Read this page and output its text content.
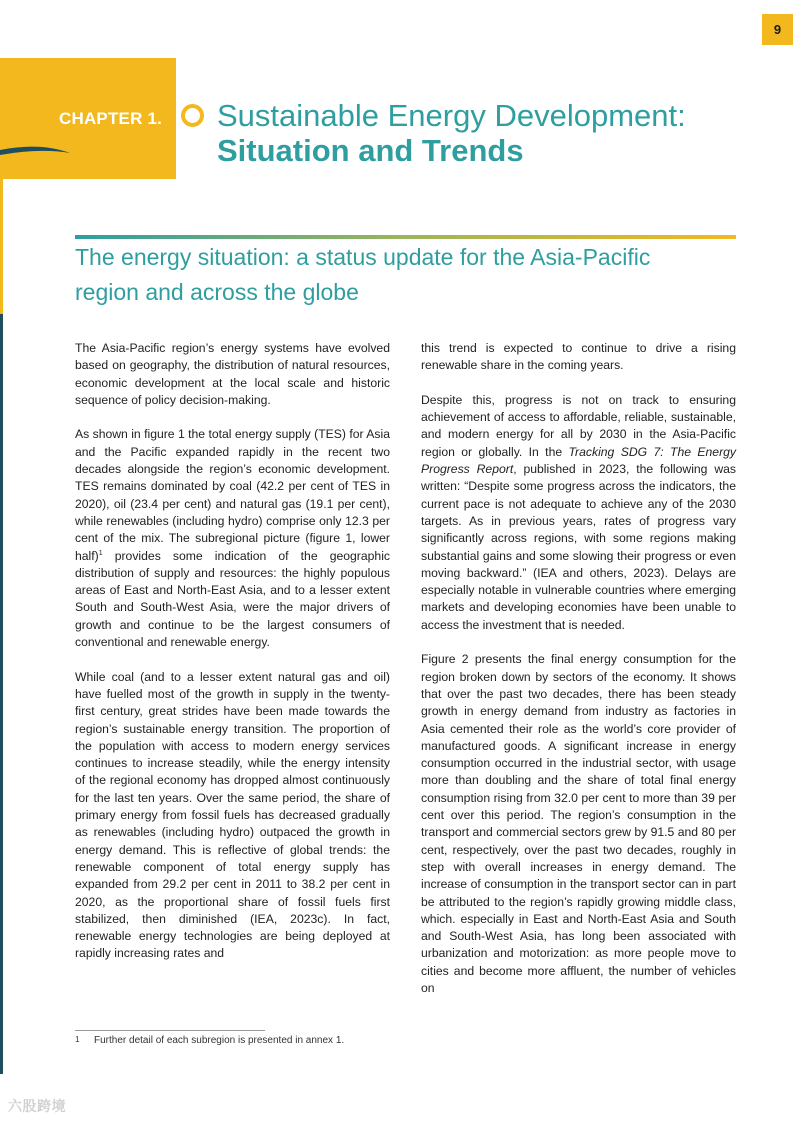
9
CHAPTER 1. Sustainable Energy Development:
Situation and Trends
The energy situation: a status update for the Asia-Pacific region and across the globe

The Asia-Pacific region’s energy systems have evolved based on geography, the distribution of natural resources, economic development at the local scale and historic sequence of policy decision-making.

As shown in figure 1 the total energy supply (TES) for Asia and the Pacific expanded rapidly in the recent two decades alongside the region’s economic development. TES remains dominated by coal (42.2 per cent of TES in 2020), oil (23.4 per cent) and natural gas (19.1 per cent), while renewables (including hydro) comprise only 12.3 per cent of the mix. The subregional picture (figure 1, lower half)$^1$ provides some indication of the geographic distribution of supply and resources: the highly populous areas of East and North-East Asia, and to a lesser extent South and South-West Asia, were the major drivers of growth and continue to be the largest consumers of conventional and renewable energy.

While coal (and to a lesser extent natural gas and oil) have fuelled most of the growth in supply in the twenty-first century, great strides have been made towards the region’s sustainable energy transition. The proportion of the population with access to modern energy services continues to increase steadily, while the energy intensity of the regional economy has dropped almost continuously for the last ten years. Over the same period, the share of primary energy from fossil fuels has decreased gradually as renewables (including hydro) outpaced the growth in energy demand. This is reflective of global trends: the renewable component of total energy supply has expanded from 29.2 per cent in 2011 to 38.2 per cent in 2020, as the proportional share of fossil fuels first stabilized, then diminished (IEA, 2023c). In fact, renewable energy technologies are being deployed at rapidly increasing rates and

this trend is expected to continue to drive a rising renewable share in the coming years.

Despite this, progress is not on track to ensuring achievement of access to affordable, reliable, sustainable, and modern energy for all by 2030 in the Asia-Pacific region or globally. In the Tracking SDG 7: The Energy Progress Report, published in 2023, the following was written: “Despite some progress across the indicators, the current pace is not adequate to achieve any of the 2030 targets. As in previous years, rates of progress vary significantly across regions, with some regions making substantial gains and some slowing their progress or even moving backward.” (IEA and others, 2023). Delays are especially notable in vulnerable countries where emerging markets and developing economies have been unable to access the investment that is needed.

Figure 2 presents the final energy consumption for the region broken down by sectors of the economy. It shows that over the past two decades, there has been steady growth in energy demand from industry as factories in Asia cemented their role as the world’s core provider of manufactured goods. A significant increase in energy consumption occurred in the industrial sector, with usage more than doubling and the share of total final energy consumption rising from 32.0 per cent to more than 39 per cent over this period. The region’s consumption in the transport and commercial sectors grew by 91.5 and 80 per cent, respectively, over the past two decades, roughly in step with overall increases in energy demand. The increase of consumption in the transport sector can in part be attributed to the region’s rapidly growing middle class, which. especially in East and North-East Asia and South and South-West Asia, has long been associated with urbanization and motorization: as more people move to cities and become more affluent, the number of vehicles on

1 Further detail of each subregion is presented in annex 1.
六股跨境
